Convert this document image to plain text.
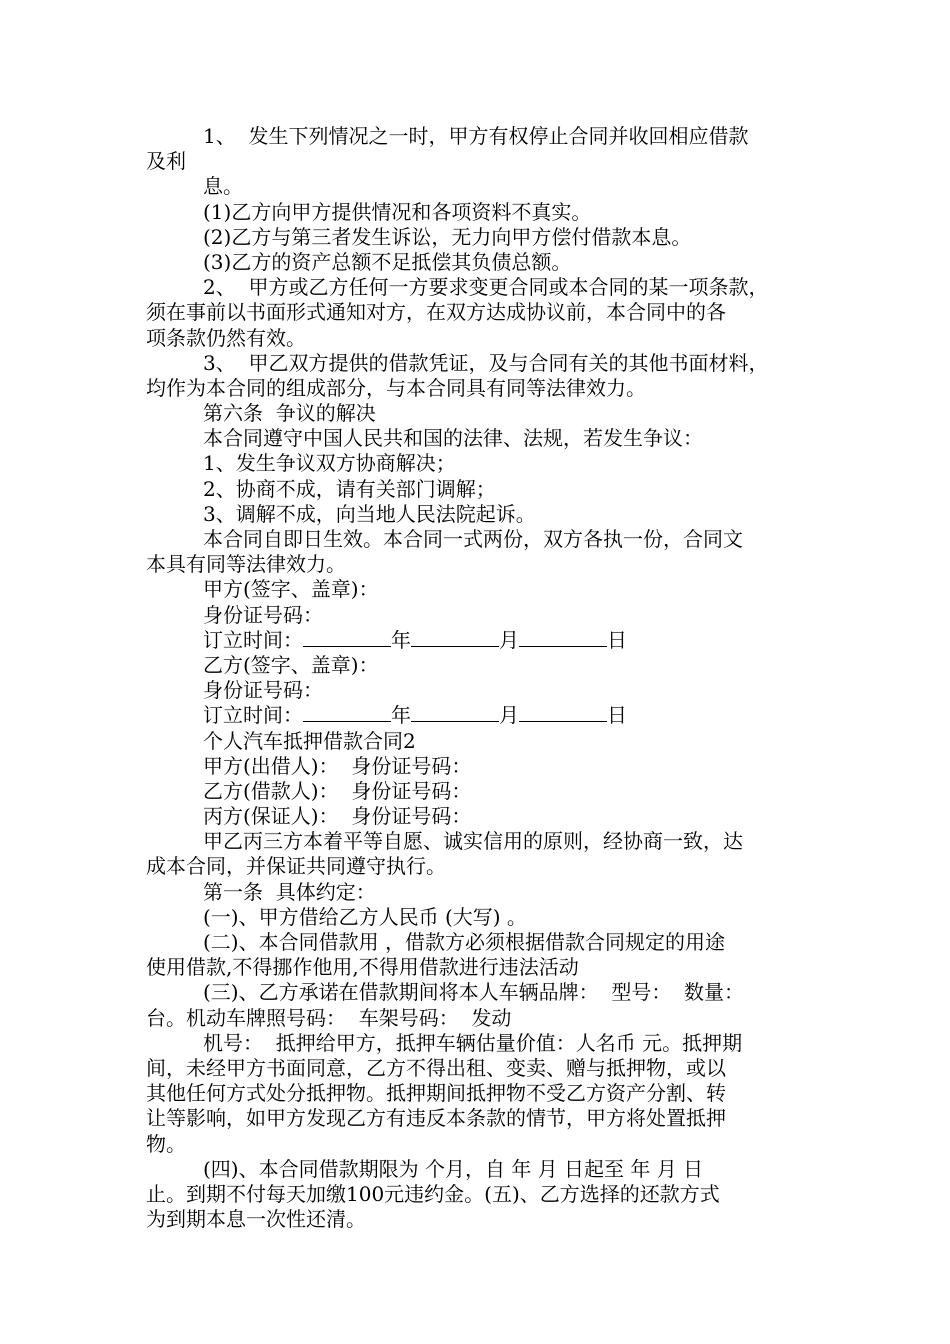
1、  发生下列情况之一时，甲方有权停止合同并收回相应借款
及利
息。
(1)乙方向甲方提供情况和各项资料不真实。
(2)乙方与第三者发生诉讼，无力向甲方偿付借款本息。
(3)乙方的资产总额不足抵偿其负债总额。
2、  甲方或乙方任何一方要求变更合同或本合同的某一项条款，
须在事前以书面形式通知对方，在双方达成协议前，本合同中的各
项条款仍然有效。
3、  甲乙双方提供的借款凭证，及与合同有关的其他书面材料，
均作为本合同的组成部分，与本合同具有同等法律效力。
第六条  争议的解决
本合同遵守中国人民共和国的法律、法规，若发生争议：
1、发生争议双方协商解决；
2、协商不成，请有关部门调解；
3、调解不成，向当地人民法院起诉。
本合同自即日生效。本合同一式两份，双方各执一份，合同文
本具有同等法律效力。
甲方(签字、盖章)：
身份证号码：
订立时间：	年	月	日
乙方(签字、盖章)：
身份证号码：
订立时间：	年	月	日
个人汽车抵押借款合同2
甲方(出借人)：  身份证号码：
乙方(借款人)：  身份证号码：
丙方(保证人)：  身份证号码：
甲乙丙三方本着平等自愿、诚实信用的原则，经协商一致，达
成本合同，并保证共同遵守执行。
第一条  具体约定：
(一)、甲方借给乙方人民币 (大写) 。
(二)、本合同借款用 ，借款方必须根据借款合同规定的用途
使用借款,不得挪作他用,不得用借款进行违法活动
(三)、乙方承诺在借款期间将本人车辆品牌：  型号：  数量：
台。机动车牌照号码：  车架号码：  发动
机号：  抵押给甲方，抵押车辆估量价值：人名币 元。抵押期
间，未经甲方书面同意，乙方不得出租、变卖、赠与抵押物，或以
其他任何方式处分抵押物。抵押期间抵押物不受乙方资产分割、转
让等影响，如甲方发现乙方有违反本条款的情节，甲方将处置抵押
物。
(四)、本合同借款期限为 个月，自 年 月 日起至 年 月 日
止。到期不付每天加缴100元违约金。(五)、乙方选择的还款方式
为到期本息一次性还清。
